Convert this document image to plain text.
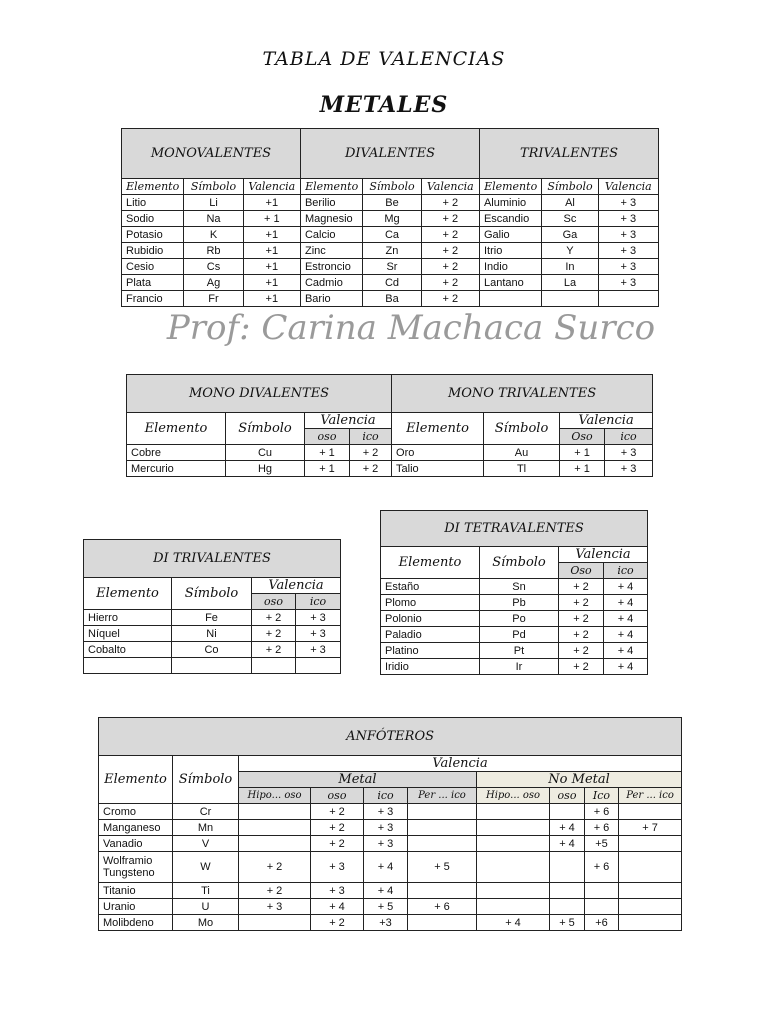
TABLA DE VALENCIAS
METALES
MONOVALENTES			DIVALENTES			TRIVALENTES		
Elemento	Símbolo	Valencia	Elemento	Símbolo	Valencia	Elemento	Símbolo	Valencia
Litio	Li	+1	Berilio	Be	+ 2	Aluminio	Al	+ 3
Sodio	Na	+ 1	Magnesio	Mg	+ 2	Escandio	Sc	+ 3
Potasio	K	+1	Calcio	Ca	+ 2	Galio	Ga	+ 3
Rubidio	Rb	+1	Zinc	Zn	+ 2	Itrio	Y	+ 3
Cesio	Cs	+1	Estroncio	Sr	+ 2	Indio	In	+ 3
Plata	Ag	+1	Cadmio	Cd	+ 2	Lantano	La	+ 3
Francio	Fr	+1	Bario	Ba	+ 2			
Prof: Carina Machaca Surco
MONO DIVALENTES				MONO TRIVALENTES			
Elemento	Símbolo	Valencia		Elemento	Símbolo	Valencia	
		oso	ico			Oso	ico
Cobre	Cu	+ 1	+ 2	Oro	Au	+ 1	+ 3
Mercurio	Hg	+ 1	+ 2	Talio	Tl	+ 1	+ 3
DI TRIVALENTES			
Elemento	Símbolo	Valencia	
		oso	ico
Hierro	Fe	+ 2	+ 3
Níquel	Ni	+ 2	+ 3
Cobalto	Co	+ 2	+ 3

DI TETRAVALENTES			
Elemento	Símbolo	Valencia	
		Oso	ico
Estaño	Sn	+ 2	+ 4
Plomo	Pb	+ 2	+ 4
Polonio	Po	+ 2	+ 4
Paladio	Pd	+ 2	+ 4
Platino	Pt	+ 2	+ 4
Iridio	Ir	+ 2	+ 4
ANFÓTEROS									
Elemento	Símbolo	Valencia							
		Metal				No Metal			
		Hipo... oso	oso	ico	Per ... ico	Hipo... oso	oso	Ico	Per ... ico
Cromo	Cr		+ 2	+ 3				+ 6	
Manganeso	Mn		+ 2	+ 3			+ 4	+ 6	+ 7
Vanadio	V		+ 2	+ 3			+ 4	+5	
Wolframio
Tungsteno	W	+ 2	+ 3	+ 4	+ 5			+ 6	
Titanio	Ti	+ 2	+ 3	+ 4					
Uranio	U	+ 3	+ 4	+ 5	+ 6				
Molibdeno	Mo		+ 2	+3		+ 4	+ 5	+6	
